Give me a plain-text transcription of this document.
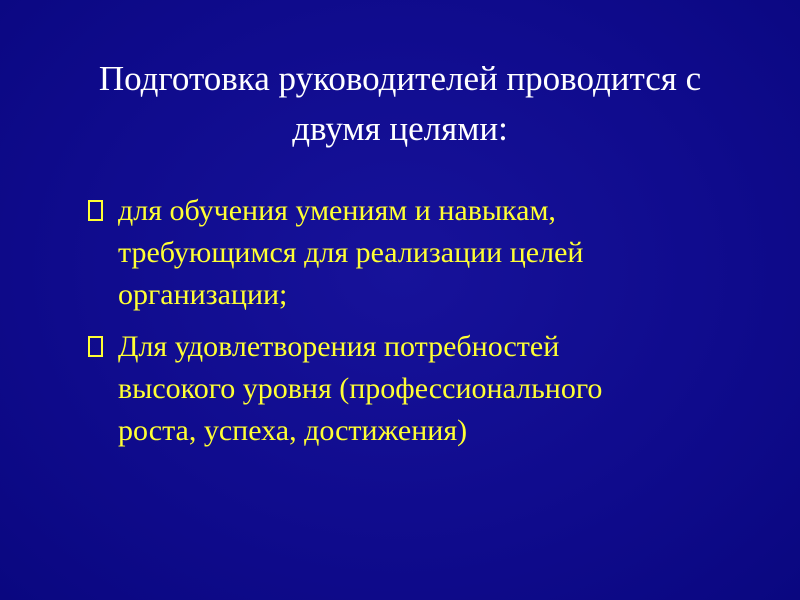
Подготовка руководителей проводится с
двумя целями:
для обучения умениям и навыкам,
требующимся для реализации целей
организации;
Для удовлетворения потребностей
высокого уровня (профессионального
роста, успеха, достижения)
